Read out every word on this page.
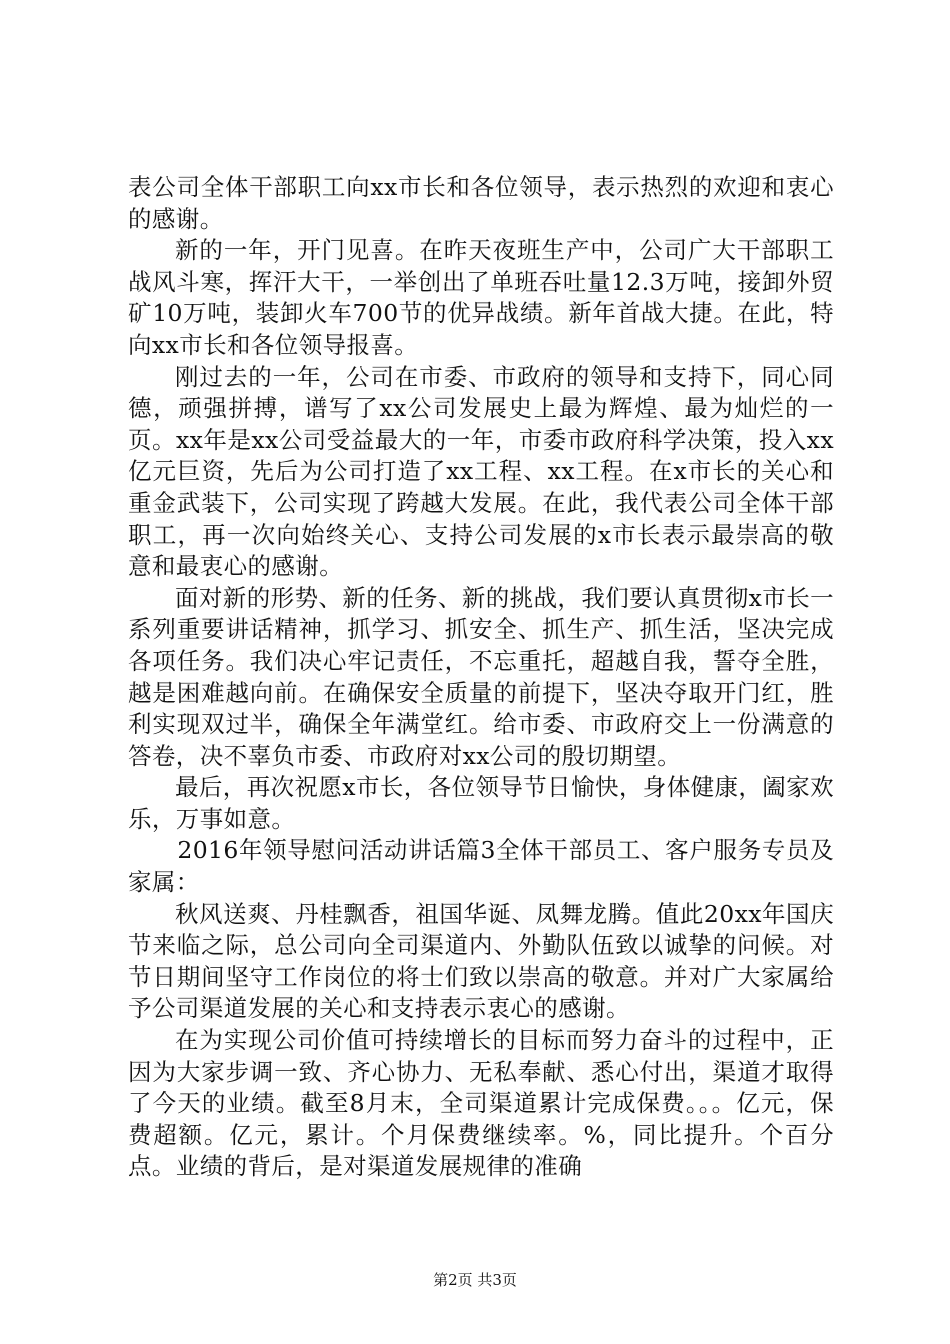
表公司全体干部职工向xx市长和各位领导，表示热烈的欢迎和衷心的感谢。

新的一年，开门见喜。在昨天夜班生产中，公司广大干部职工战风斗寒，挥汗大干，一举创出了单班吞吐量12.3万吨，接卸外贸矿10万吨，装卸火车700节的优异战绩。新年首战大捷。在此，特向xx市长和各位领导报喜。

刚过去的一年，公司在市委、市政府的领导和支持下，同心同德，顽强拼搏，谱写了xx公司发展史上最为辉煌、最为灿烂的一页。xx年是xx公司受益最大的一年，市委市政府科学决策，投入xx亿元巨资，先后为公司打造了xx工程、xx工程。在x市长的关心和重金武装下，公司实现了跨越大发展。在此，我代表公司全体干部职工，再一次向始终关心、支持公司发展的x市长表示最崇高的敬意和最衷心的感谢。

面对新的形势、新的任务、新的挑战，我们要认真贯彻x市长一系列重要讲话精神，抓学习、抓安全、抓生产、抓生活，坚决完成各项任务。我们决心牢记责任，不忘重托，超越自我，誓夺全胜，越是困难越向前。在确保安全质量的前提下，坚决夺取开门红，胜利实现双过半，确保全年满堂红。给市委、市政府交上一份满意的答卷，决不辜负市委、市政府对xx公司的殷切期望。

最后，再次祝愿x市长，各位领导节日愉快，身体健康，阖家欢乐，万事如意。

2016年领导慰问活动讲话篇3全体干部员工、客户服务专员及家属：

秋风送爽、丹桂飘香，祖国华诞、凤舞龙腾。值此20xx年国庆节来临之际，总公司向全司渠道内、外勤队伍致以诚挚的问候。对节日期间坚守工作岗位的将士们致以崇高的敬意。并对广大家属给予公司渠道发展的关心和支持表示衷心的感谢。

在为实现公司价值可持续增长的目标而努力奋斗的过程中，正因为大家步调一致、齐心协力、无私奉献、悉心付出，渠道才取得了今天的业绩。截至8月末，全司渠道累计完成保费。。。亿元，保费超额。亿元，累计。个月保费继续率。%，同比提升。个百分点。业绩的背后，是对渠道发展规律的准确

第2页 共3页
